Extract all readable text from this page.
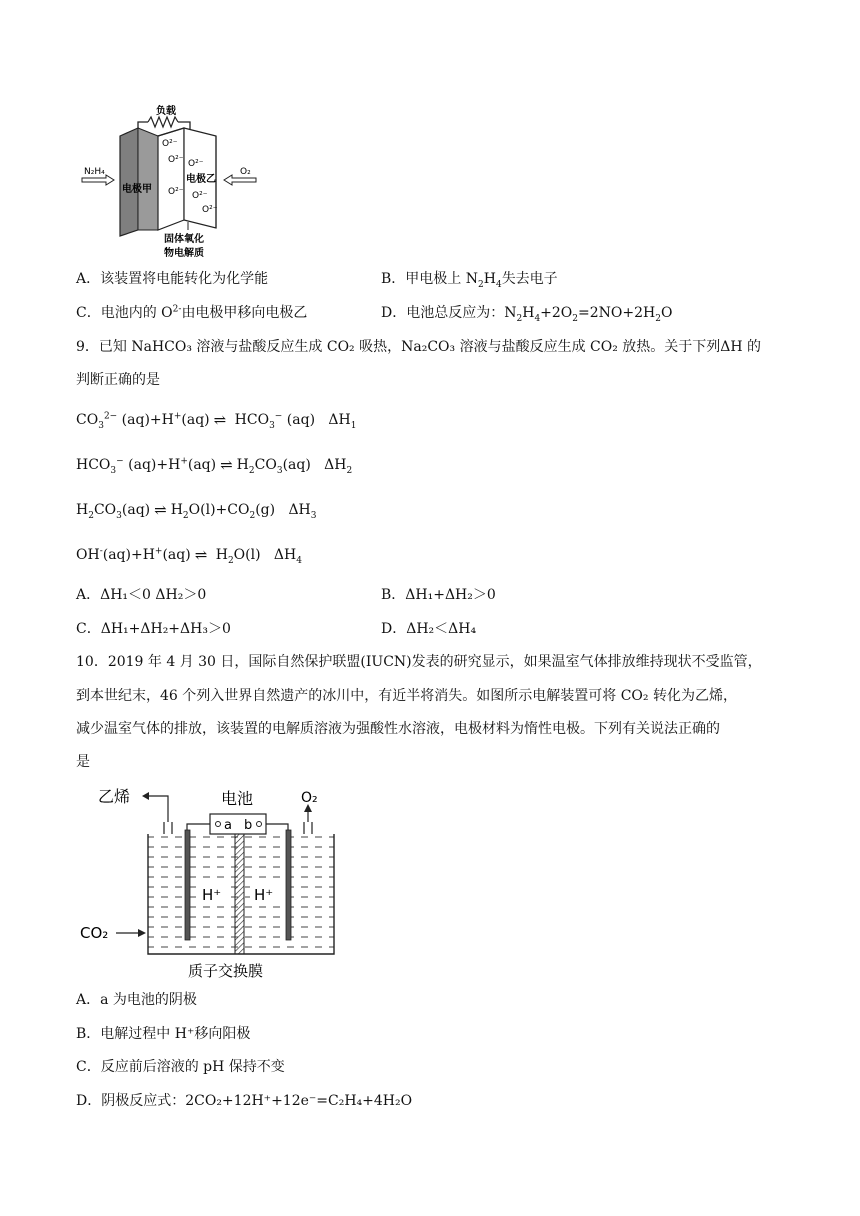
负载
O²⁻
O²⁻ O²⁻
O²⁻ O²⁻
O²⁻
电极甲
电极乙
N₂H₄	O₂
固体氧化
物电解质
A．该装置将电能转化为化学能	B．甲电极上 $N_2H_4$失去电子
C．电池内的 $O^{2-}$由电极甲移向电极乙	D．电池总反应为：$N_2H_4+2O_2=2NO+2H_2O$
9．已知 NaHCO₃ 溶液与盐酸反应生成 CO₂ 吸热，Na₂CO₃ 溶液与盐酸反应生成 CO₂ 放热。关于下列ΔH 的
判断正确的是
$CO_3^{2-}$ (aq)+H+(aq) ⇌ $HCO_3^-$ (aq)   $\Delta H_1$
$HCO_3^-$ (aq)+H+(aq) ⇌ $H_2CO_3(aq)$   $\Delta H_2$
$H_2CO_3(aq)$ ⇌ $H_2O(l)+CO_2(g)$   $\Delta H_3$
OH-(aq)+H+(aq) ⇌ $H_2O(l)$   $\Delta H_4$
A．ΔH₁＜0 ΔH₂＞0	B．ΔH₁+ΔH₂＞0
C．ΔH₁+ΔH₂+ΔH₃＞0	D．ΔH₂＜ΔH₄
10．2019 年 4 月 30 日，国际自然保护联盟(IUCN)发表的研究显示，如果温室气体排放维持现状不受监管，
到本世纪末，46 个列入世界自然遗产的冰川中，有近半将消失。如图所示电解装置可将 CO₂ 转化为乙烯，
减少温室气体的排放，该装置的电解质溶液为强酸性水溶液，电极材料为惰性电极。下列有关说法正确的
是
电池
a b
乙烯	O₂
CO₂
H⁺ H⁺
质子交换膜
A．a 为电池的阴极
B．电解过程中 H⁺移向阳极
C．反应前后溶液的 pH 保持不变
D．阴极反应式：2CO₂+12H⁺+12e⁻=C₂H₄+4H₂O
